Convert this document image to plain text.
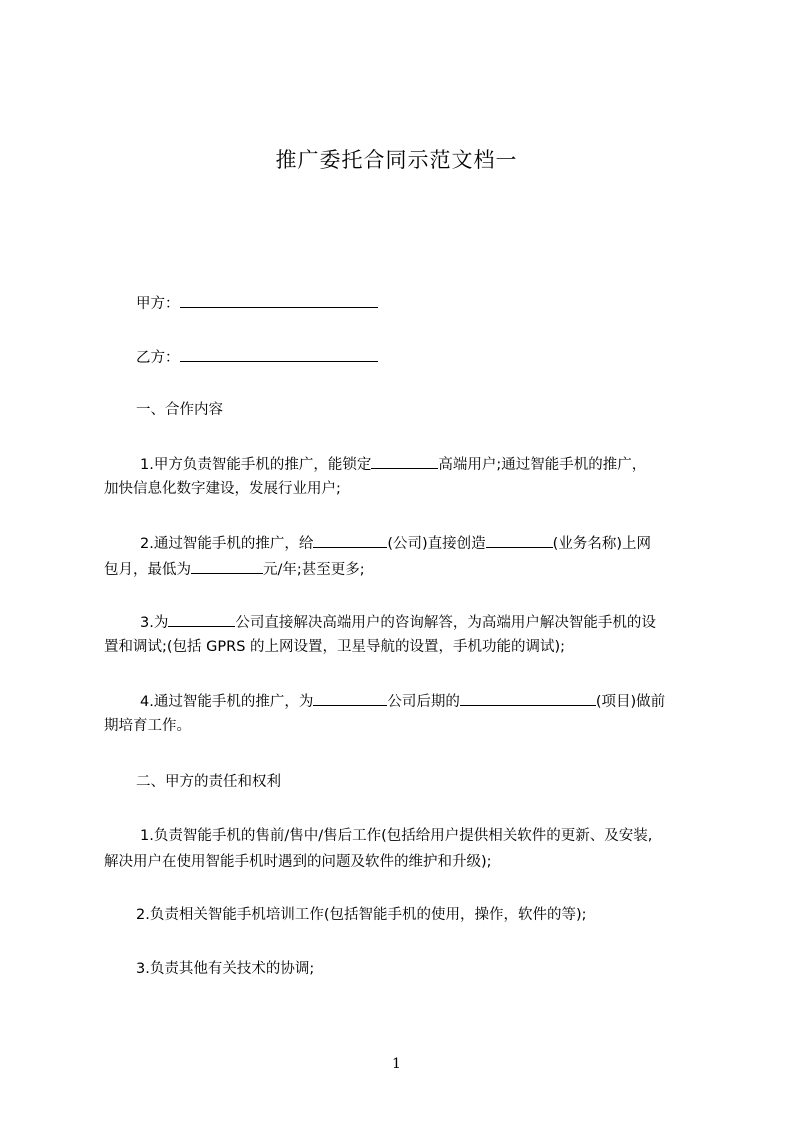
推广委托合同示范文档一
甲方：
乙方：
一、合作内容
1.甲方负责智能手机的推广，能锁定	高端用户;通过智能手机的推广，
加快信息化数字建设，发展行业用户;
2.通过智能手机的推广，给	(公司)直接创造	(业务名称)上网
包月，最低为	元/年;甚至更多;
3.为	公司直接解决高端用户的咨询解答，为高端用户解决智能手机的设
置和调试;(包括 GPRS 的上网设置，卫星导航的设置，手机功能的调试);
4.通过智能手机的推广，为	公司后期的	(项目)做前
期培育工作。
二、甲方的责任和权利
1.负责智能手机的售前/售中/售后工作(包括给用户提供相关软件的更新、及安装,
解决用户在使用智能手机时遇到的问题及软件的维护和升级);
2.负责相关智能手机培训工作(包括智能手机的使用，操作，软件的等);
3.负责其他有关技术的协调;
1
